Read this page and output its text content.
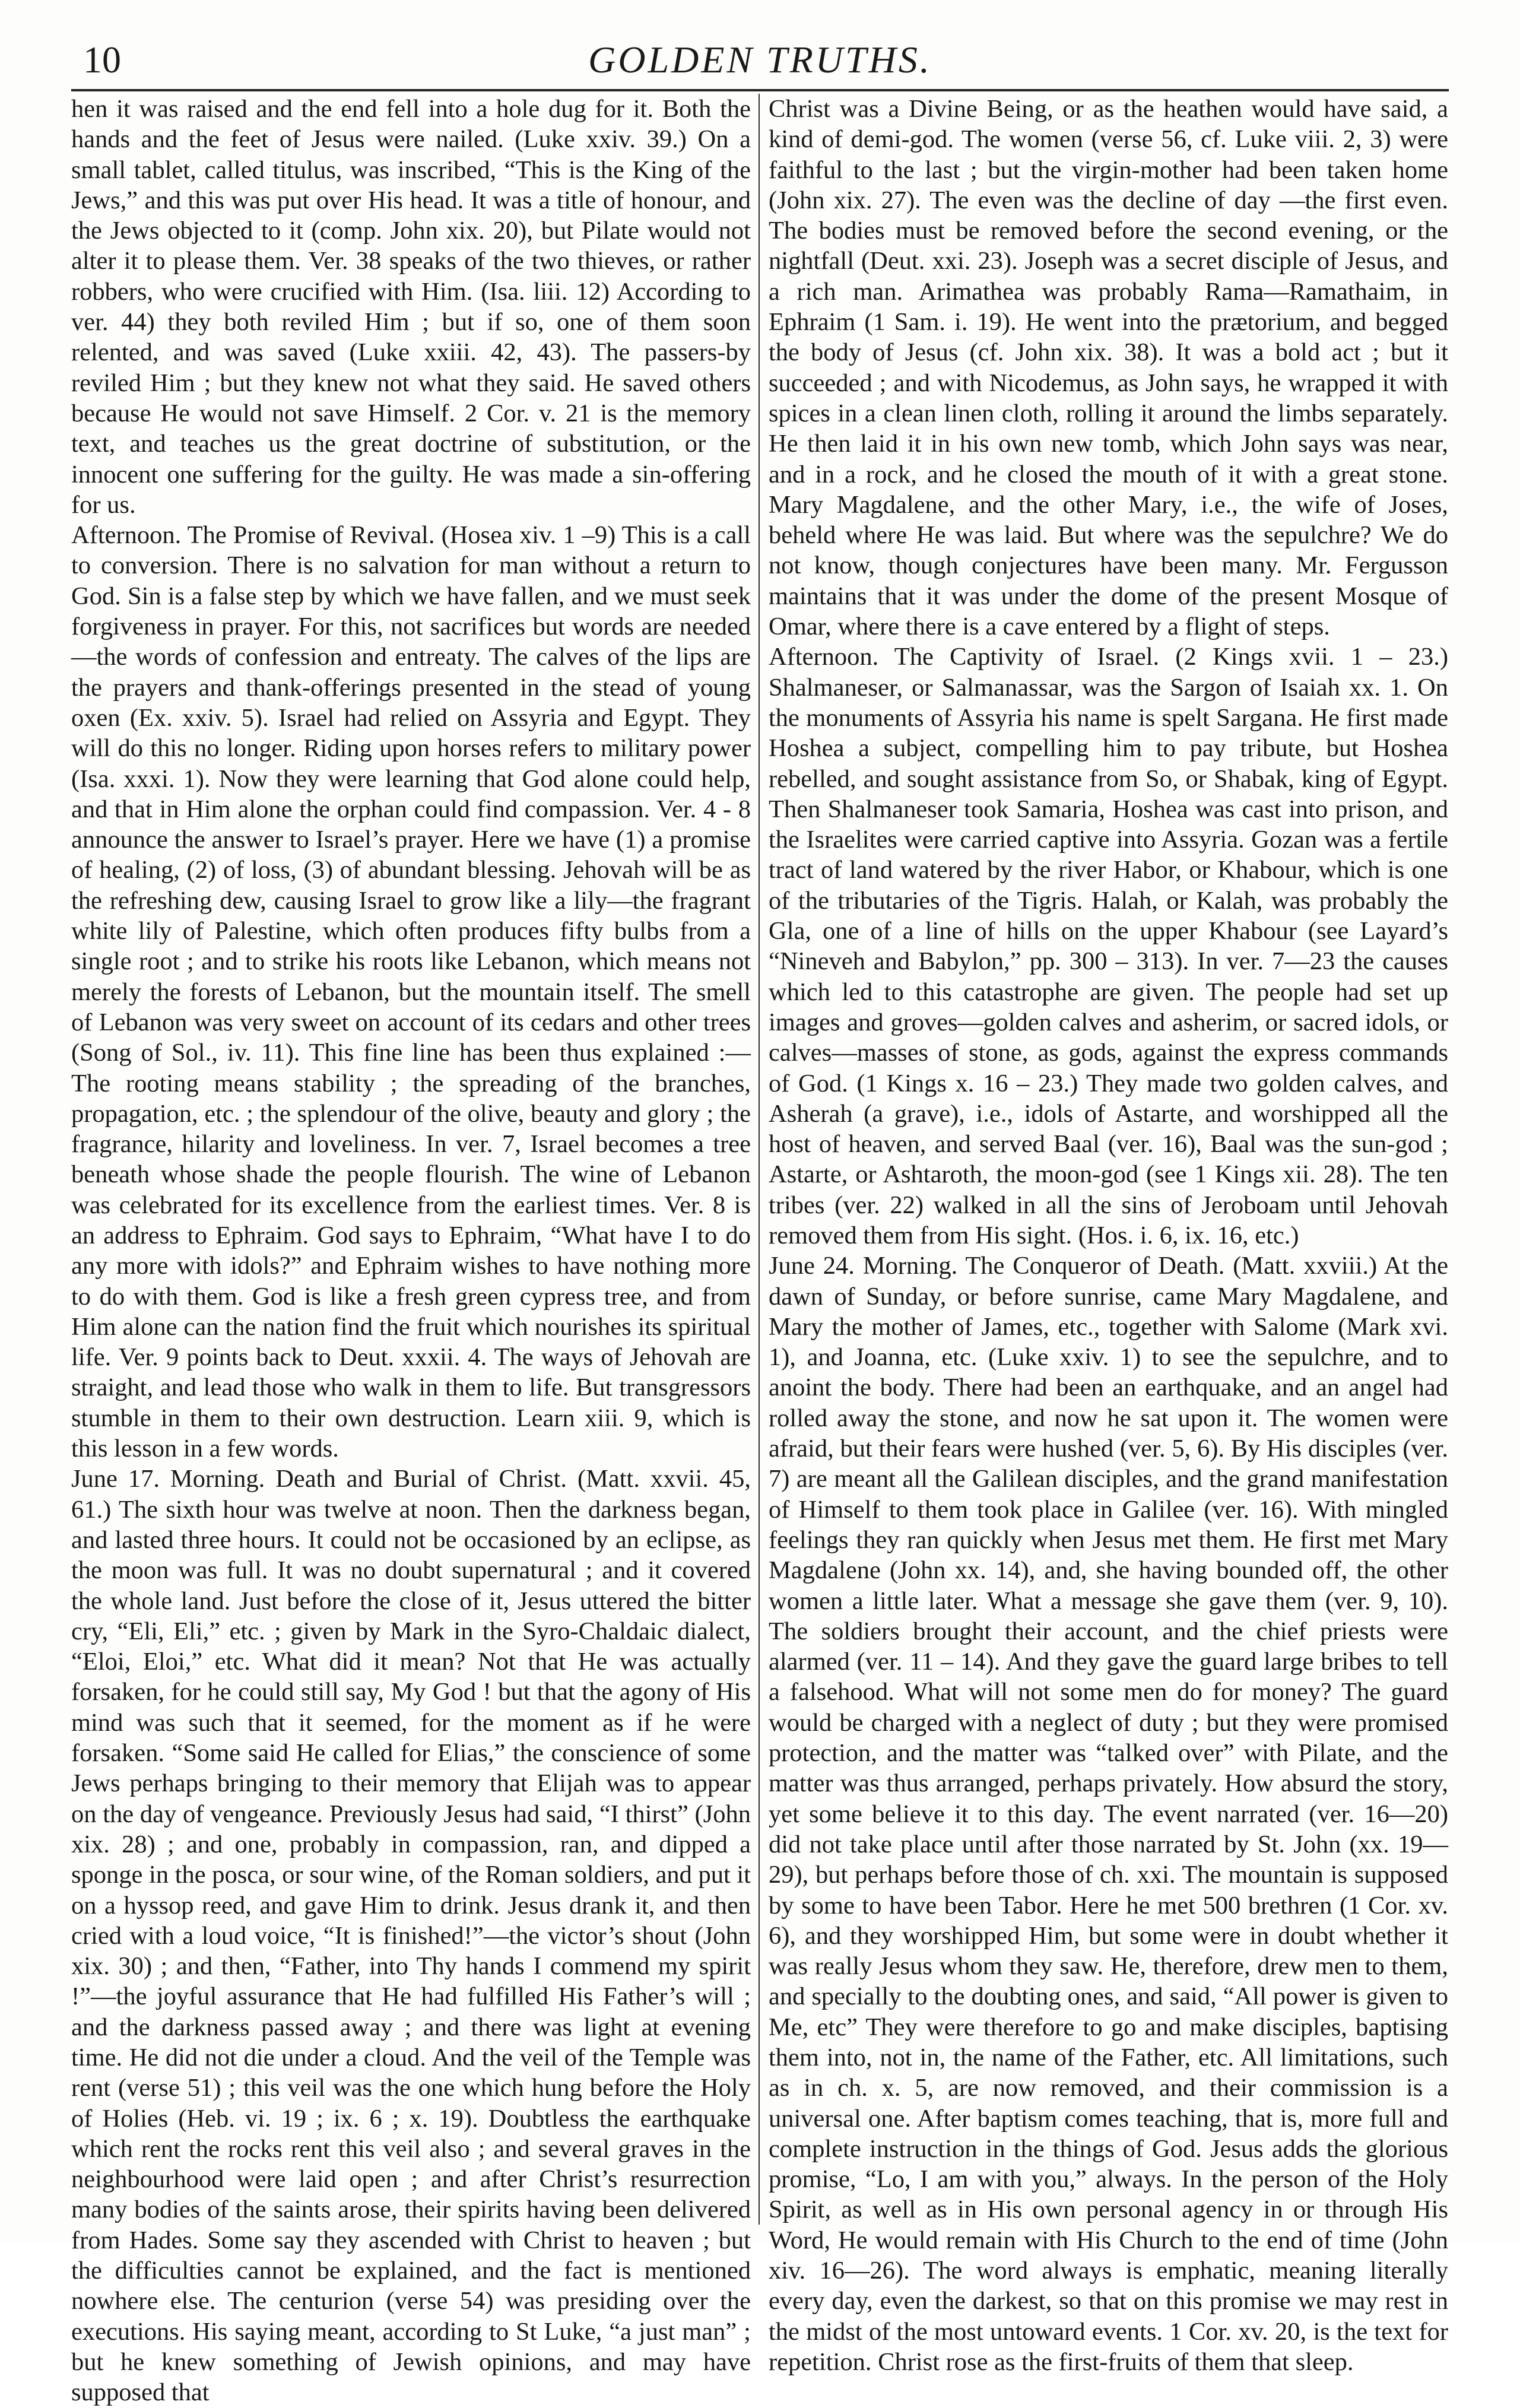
10	GOLDEN TRUTHS.

hen it was raised and the end fell into a hole dug for it. Both the hands and the feet of Jesus were nailed. (Luke xxiv. 39.) On a small tablet, called titulus, was inscribed, “This is the King of the Jews,” and this was put over His head. It was a title of honour, and the Jews objected to it (comp. John xix. 20), but Pilate would not alter it to please them. Ver. 38 speaks of the two thieves, or rather robbers, who were crucified with Him. (Isa. liii. 12) According to ver. 44) they both reviled Him ; but if so, one of them soon relented, and was saved (Luke xxiii. 42, 43). The passers-by reviled Him ; but they knew not what they said. He saved others because He would not save Himself. 2 Cor. v. 21 is the memory text, and teaches us the great doctrine of substitution, or the innocent one suffering for the guilty. He was made a sin-offering for us.

Afternoon. The Promise of Revival. (Hosea xiv. 1 –9) This is a call to conversion. There is no salvation for man without a return to God. Sin is a false step by which we have fallen, and we must seek forgiveness in prayer. For this, not sacrifices but words are needed—the words of confession and entreaty. The calves of the lips are the prayers and thank-offerings presented in the stead of young oxen (Ex. xxiv. 5). Israel had relied on Assyria and Egypt. They will do this no longer. Riding upon horses refers to military power (Isa. xxxi. 1). Now they were learning that God alone could help, and that in Him alone the orphan could find compassion. Ver. 4 - 8 announce the answer to Israel’s prayer. Here we have (1) a promise of healing, (2) of loss, (3) of abundant blessing. Jehovah will be as the refreshing dew, causing Israel to grow like a lily—the fragrant white lily of Palestine, which often produces fifty bulbs from a single root ; and to strike his roots like Lebanon, which means not merely the forests of Lebanon, but the mountain itself. The smell of Lebanon was very sweet on account of its cedars and other trees (Song of Sol., iv. 11). This fine line has been thus explained :—The rooting means stability ; the spreading of the branches, propagation, etc. ; the splendour of the olive, beauty and glory ; the fragrance, hilarity and loveliness. In ver. 7, Israel becomes a tree beneath whose shade the people flourish. The wine of Lebanon was celebrated for its excellence from the earliest times. Ver. 8 is an address to Ephraim. God says to Ephraim, “What have I to do any more with idols?” and Ephraim wishes to have nothing more to do with them. God is like a fresh green cypress tree, and from Him alone can the nation find the fruit which nourishes its spiritual life. Ver. 9 points back to Deut. xxxii. 4. The ways of Jehovah are straight, and lead those who walk in them to life. But transgressors stumble in them to their own destruction. Learn xiii. 9, which is this lesson in a few words.

June 17. Morning. Death and Burial of Christ. (Matt. xxvii. 45, 61.) The sixth hour was twelve at noon. Then the darkness began, and lasted three hours. It could not be occasioned by an eclipse, as the moon was full. It was no doubt supernatural ; and it covered the whole land. Just before the close of it, Jesus uttered the bitter cry, “Eli, Eli,” etc. ; given by Mark in the Syro-Chaldaic dialect, “Eloi, Eloi,” etc. What did it mean? Not that He was actually forsaken, for he could still say, My God ! but that the agony of His mind was such that it seemed, for the moment as if he were forsaken. “Some said He called for Elias,” the conscience of some Jews perhaps bringing to their memory that Elijah was to appear on the day of vengeance. Previously Jesus had said, “I thirst” (John xix. 28) ; and one, probably in compassion, ran, and dipped a sponge in the posca, or sour wine, of the Roman soldiers, and put it on a hyssop reed, and gave Him to drink. Jesus drank it, and then cried with a loud voice, “It is finished!”—the victor’s shout (John xix. 30) ; and then, “Father, into Thy hands I commend my spirit !”—the joyful assurance that He had fulfilled His Father’s will ; and the darkness passed away ; and there was light at evening time. He did not die under a cloud. And the veil of the Temple was rent (verse 51) ; this veil was the one which hung before the Holy of Holies (Heb. vi. 19 ; ix. 6 ; x. 19). Doubtless the earthquake which rent the rocks rent this veil also ; and several graves in the neighbourhood were laid open ; and after Christ’s resurrection many bodies of the saints arose, their spirits having been delivered from Hades. Some say they ascended with Christ to heaven ; but the difficulties cannot be explained, and the fact is mentioned nowhere else. The centurion (verse 54) was presiding over the executions. His saying meant, according to St Luke, “a just man” ; but he knew something of Jewish opinions, and may have supposed that

Christ was a Divine Being, or as the heathen would have said, a kind of demi-god. The women (verse 56, cf. Luke viii. 2, 3) were faithful to the last ; but the virgin-mother had been taken home (John xix. 27). The even was the decline of day —the first even. The bodies must be removed before the second evening, or the nightfall (Deut. xxi. 23). Joseph was a secret disciple of Jesus, and a rich man. Arimathea was probably Rama—Ramathaim, in Ephraim (1 Sam. i. 19). He went into the prætorium, and begged the body of Jesus (cf. John xix. 38). It was a bold act ; but it succeeded ; and with Nicodemus, as John says, he wrapped it with spices in a clean linen cloth, rolling it around the limbs separately. He then laid it in his own new tomb, which John says was near, and in a rock, and he closed the mouth of it with a great stone. Mary Magdalene, and the other Mary, i.e., the wife of Joses, beheld where He was laid. But where was the sepulchre? We do not know, though conjectures have been many. Mr. Fergusson maintains that it was under the dome of the present Mosque of Omar, where there is a cave entered by a flight of steps.

Afternoon. The Captivity of Israel. (2 Kings xvii. 1 – 23.) Shalmaneser, or Salmanassar, was the Sargon of Isaiah xx. 1. On the monuments of Assyria his name is spelt Sargana. He first made Hoshea a subject, compelling him to pay tribute, but Hoshea rebelled, and sought assistance from So, or Shabak, king of Egypt. Then Shalmaneser took Samaria, Hoshea was cast into prison, and the Israelites were carried captive into Assyria. Gozan was a fertile tract of land watered by the river Habor, or Khabour, which is one of the tributaries of the Tigris. Halah, or Kalah, was probably the Gla, one of a line of hills on the upper Khabour (see Layard’s “Nineveh and Babylon,” pp. 300 – 313). In ver. 7—23 the causes which led to this catastrophe are given. The people had set up images and groves—golden calves and asherim, or sacred idols, or calves—masses of stone, as gods, against the express commands of God. (1 Kings x. 16 – 23.) They made two golden calves, and Asherah (a grave), i.e., idols of Astarte, and worshipped all the host of heaven, and served Baal (ver. 16), Baal was the sun-god ; Astarte, or Ashtaroth, the moon-god (see 1 Kings xii. 28). The ten tribes (ver. 22) walked in all the sins of Jeroboam until Jehovah removed them from His sight. (Hos. i. 6, ix. 16, etc.)

June 24. Morning. The Conqueror of Death. (Matt. xxviii.) At the dawn of Sunday, or before sunrise, came Mary Magdalene, and Mary the mother of James, etc., together with Salome (Mark xvi. 1), and Joanna, etc. (Luke xxiv. 1) to see the sepulchre, and to anoint the body. There had been an earthquake, and an angel had rolled away the stone, and now he sat upon it. The women were afraid, but their fears were hushed (ver. 5, 6). By His disciples (ver. 7) are meant all the Galilean disciples, and the grand manifestation of Himself to them took place in Galilee (ver. 16). With mingled feelings they ran quickly when Jesus met them. He first met Mary Magdalene (John xx. 14), and, she having bounded off, the other women a little later. What a message she gave them (ver. 9, 10). The soldiers brought their account, and the chief priests were alarmed (ver. 11 – 14). And they gave the guard large bribes to tell a falsehood. What will not some men do for money? The guard would be charged with a neglect of duty ; but they were promised protection, and the matter was “talked over” with Pilate, and the matter was thus arranged, perhaps privately. How absurd the story, yet some believe it to this day. The event narrated (ver. 16—20) did not take place until after those narrated by St. John (xx. 19—29), but perhaps before those of ch. xxi. The mountain is supposed by some to have been Tabor. Here he met 500 brethren (1 Cor. xv. 6), and they worshipped Him, but some were in doubt whether it was really Jesus whom they saw. He, therefore, drew men to them, and specially to the doubting ones, and said, “All power is given to Me, etc” They were therefore to go and make disciples, baptising them into, not in, the name of the Father, etc. All limitations, such as in ch. x. 5, are now removed, and their commission is a universal one. After baptism comes teaching, that is, more full and complete instruction in the things of God. Jesus adds the glorious promise, “Lo, I am with you,” always. In the person of the Holy Spirit, as well as in His own personal agency in or through His Word, He would remain with His Church to the end of time (John xiv. 16—26). The word always is emphatic, meaning literally every day, even the darkest, so that on this promise we may rest in the midst of the most untoward events. 1 Cor. xv. 20, is the text for repetition. Christ rose as the first-fruits of them that sleep.
